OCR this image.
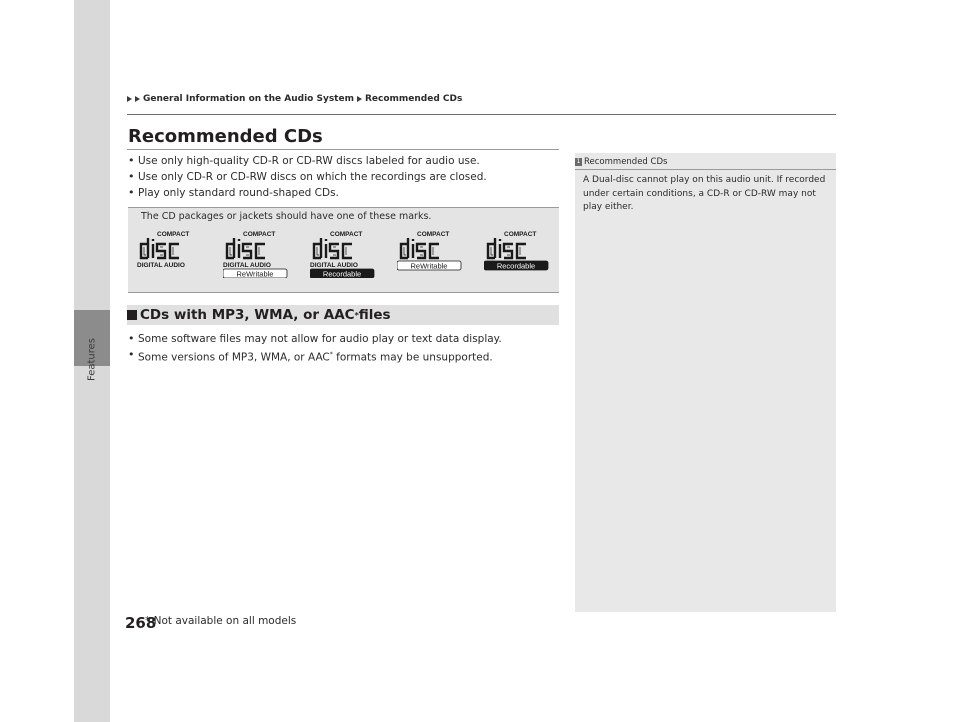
Features
General Information on the Audio System Recommended CDs
Recommended CDs
• Use only high-quality CD-R or CD-RW discs labeled for audio use.
• Use only CD-R or CD-RW discs on which the recordings are closed.
• Play only standard round-shaped CDs.
The CD packages or jackets should have one of these marks.
COMPACT
DIGITAL AUDIO
COMPACT
DIGITAL AUDIO
ReWritable
COMPACT
DIGITAL AUDIO
Recordable
COMPACT
ReWritable
COMPACT
Recordable
CDs with MP3, WMA, or AAC * files
• Some software files may not allow for audio play or text data display.
• Some versions of MP3, WMA, or AAC* formats may be unsupported.
1 Recommended CDs
A Dual-disc cannot play on this audio unit. If recorded under certain conditions, a CD-R or CD-RW may not play either.
268
* Not available on all models
